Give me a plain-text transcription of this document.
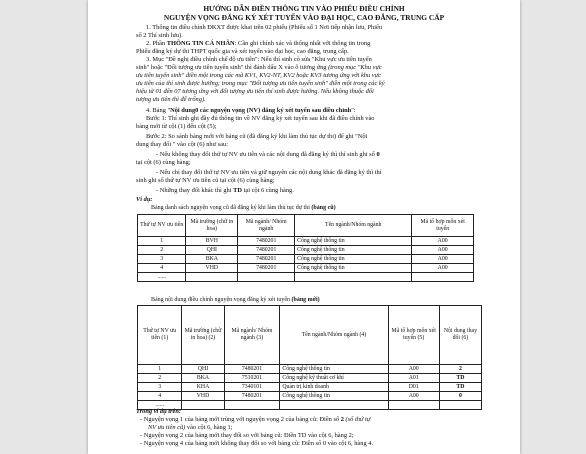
HƯỚNG DẪN ĐIỀN THÔNG TIN VÀO PHIẾU ĐIỀU CHỈNH
NGUYỆN VỌNG ĐĂNG KÝ XÉT TUYỂN VÀO ĐẠI HỌC, CAO ĐẲNG, TRUNG CẤP
1. Thông tin điều chỉnh ĐKXT được khai trên 02 phiếu (Phiếu số 1 Nơi tiếp nhận lưu, Phiếu
số 2 Thí sinh lưu).
2. Phần THÔNG TIN CÁ NHÂN: Cần ghi chính xác và thống nhất với thông tin trong
Phiếu đăng ký dự thi THPT quốc gia và xét tuyển vào đại học, cao đẳng, trung cấp.
3. Mục "Đề nghị điều chỉnh chế độ ưu tiên": Nếu thí sinh có sửa "Khu vực ưu tiên tuyển
sinh" hoặc "Đối tượng ưu tiên tuyển sinh" thì đánh dấu X vào ô tương ứng (trong mục "Khu vực
ưu tiên tuyển sinh" điền một trong các mã KV1, KV2-NT, KV2 hoặc KV3 tương ứng với khu vực
ưu tiên của thí sinh được hưởng; trong mục "Đối tượng ưu tiên tuyển sinh" điền một trong các ký
hiệu từ 01 đến 07 tương ứng với đối tượng ưu tiên thí sinh được hưởng. Nếu không thuộc đối
tượng ưu tiên thì để trống).
4. Bảng "Nội dung0 các nguyện vọng (NV) đăng ký xét tuyển sau điều chỉnh":
Bước 1: Thí sinh ghi đầy đủ thông tin về NV đăng ký xét tuyển sau khi đã điều chỉnh vào
bảng mới từ cột (1) đến cột (5);
Bước 2: So sánh bảng mới với bảng cũ (đã đăng ký khi làm thủ tục dự thi) để ghi "Nội
dung thay đổi " vào cột (6) như sau:
- Nếu không thay đổi thứ tự NV ưu tiên và các nội dung đã đăng ký thì thí sinh ghi số 0
tại cột (6) cùng hàng;
- Nếu chỉ thay đổi thứ tự NV ưu tiên và giữ nguyên các nội dung khác đã đăng ký thì thí
sinh ghi số thứ tự NV ưu tiên cũ tại cột (6) cùng hàng;
- Những thay đổi khác thì ghi TD tại cột 6 cùng hàng.
Ví dụ:
Bảng danh sách nguyện vọng cũ đã đăng ký khi làm thủ tục dự thi (bảng cũ)
Thứ tự NV ưu tiên	Mã trường (chữ in hoa)	Mã ngành/ Nhóm ngành	Tên ngành/Nhóm ngành	Mã tổ hợp môn xét tuyển
1	BVH	7480201	Công nghệ thông tin	A00
2	QHI	7480201	Công nghệ thông tin	A00
3	BKA	7480201	Công nghệ thông tin	A00
4	VHD	7480201	Công nghệ thông tin	A00
......				
Bảng nội dung điều chỉnh nguyện vọng đăng ký xét tuyển (bảng mới)
Thứ tự NV ưu tiên (1)	Mã trường (chữ in hoa) (2)	Mã ngành/ Nhóm ngành (3)	Tên ngành/Nhóm ngành (4)	Mã tổ hợp môn xét tuyển (5)	Nội dung thay đổi (6)
1	QHI	7480201	Công nghệ thông tin	A00	2
2	BKA	7510201	Công nghệ kỹ thuật cơ khí	A01	TD
3	KHA	7340101	Quản trị kinh doanh	D01	TD
4	VHD	7480201	Công nghệ thông tin	A00	0
......					
Trong ví dụ trên:
- Nguyện vọng 1 của bảng mới trùng với nguyện vọng 2 của bảng cũ: Điền số 2 (số thứ tự
NV ưu tiên cũ) vào cột 6, hàng 1;
- Nguyện vọng 2 của bảng mới thay đổi so với bảng cũ: Điền TD vào cột 6, hàng 2;
- Nguyện vọng 4 của bảng mới không thay đổi so với bảng cũ: Điền số 0 vào cột 6, hàng 4.
